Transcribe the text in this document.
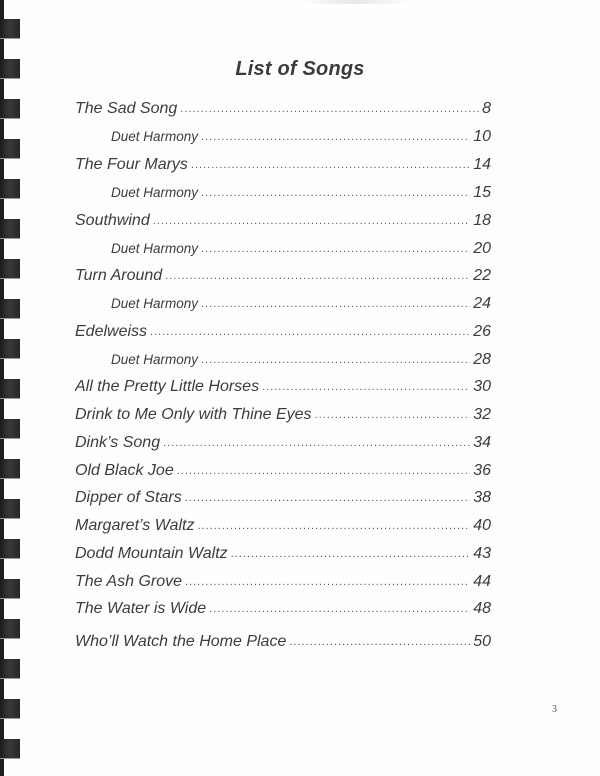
List of Songs
The Sad Song .....	8
Duet Harmony .....	10
The Four Marys .....	14
Duet Harmony .....	15
Southwind .....	18
Duet Harmony .....	20
Turn Around .....	22
Duet Harmony .....	24
Edelweiss .....	26
Duet Harmony .....	28
All the Pretty Little Horses .....	30
Drink to Me Only with Thine Eyes .....	32
Dink’s Song .....	34
Old Black Joe .....	36
Dipper of Stars .....	38
Margaret’s Waltz .....	40
Dodd Mountain Waltz .....	43
The Ash Grove .....	44
The Water is Wide .....	48
Who’ll Watch the Home Place .....	50
3
